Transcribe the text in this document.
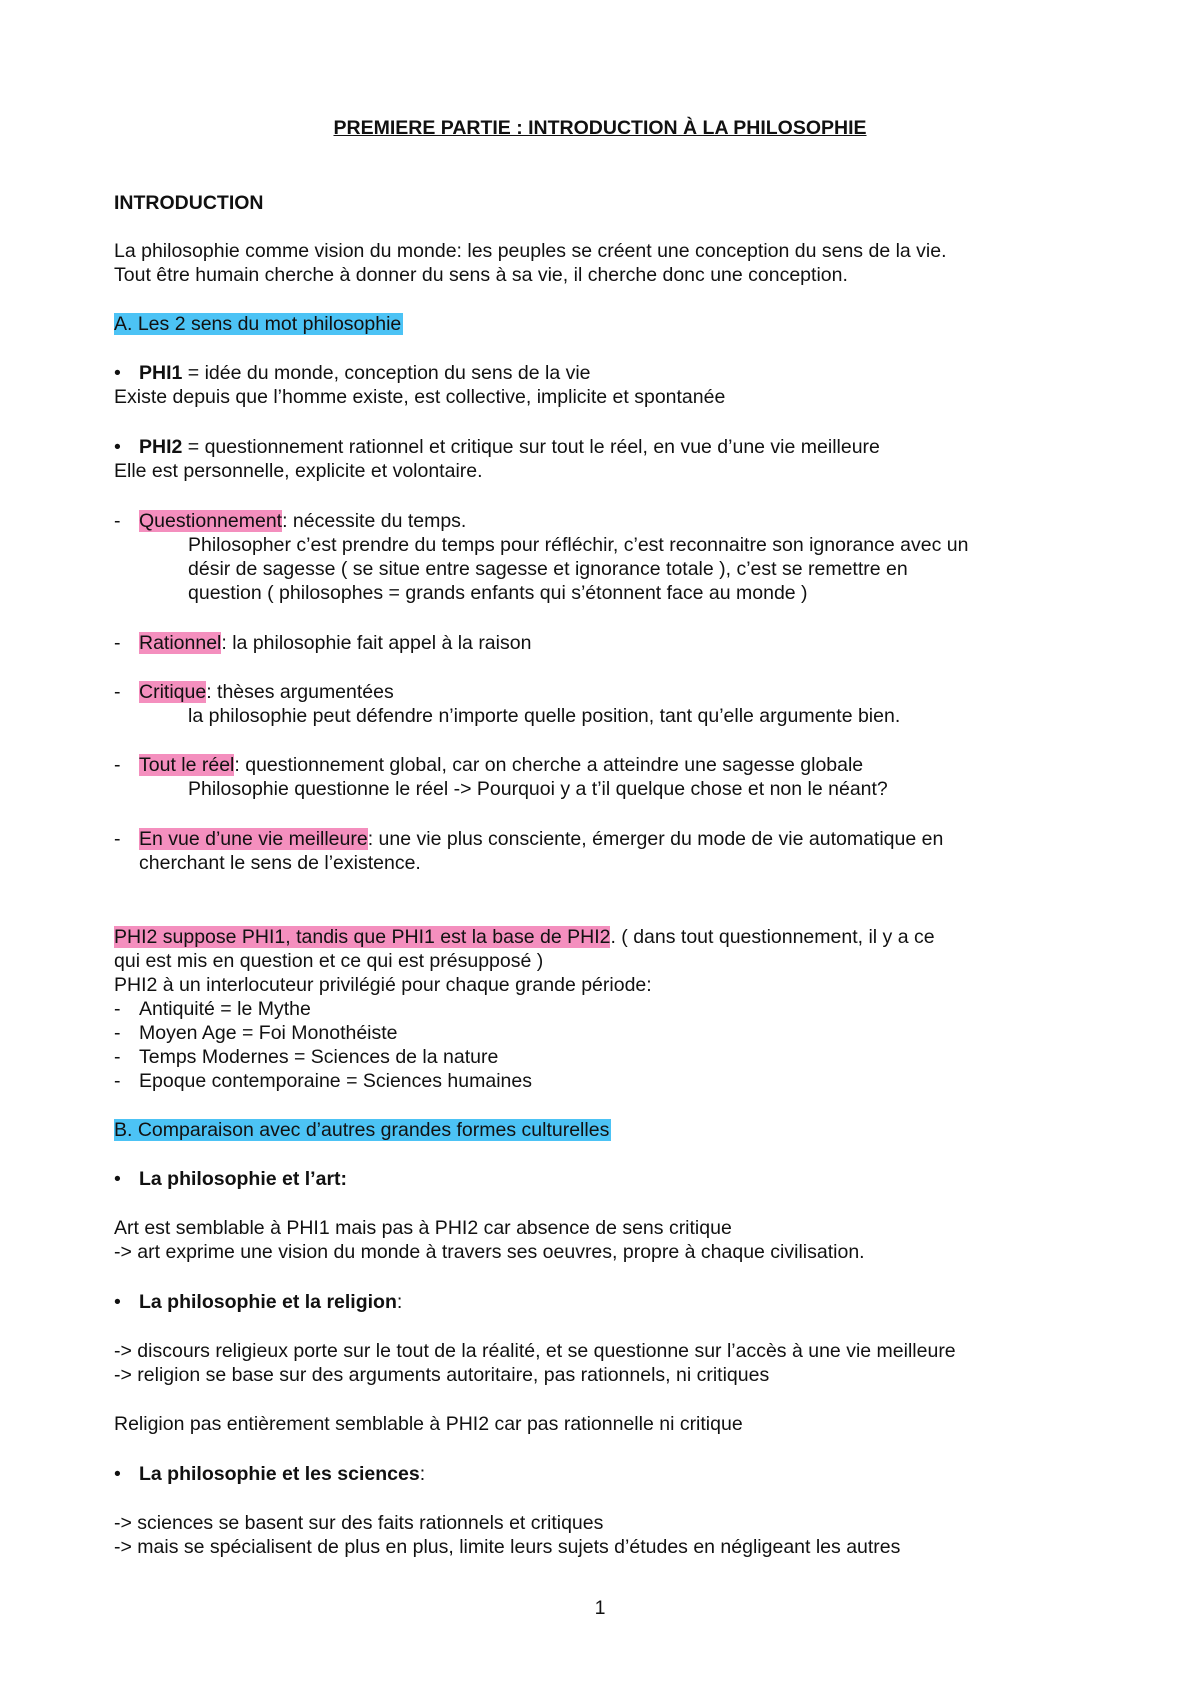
PREMIERE PARTIE : INTRODUCTION À LA PHILOSOPHIE
INTRODUCTION
La philosophie comme vision du monde: les peuples se créent une conception du sens de la vie.
Tout être humain cherche à donner du sens à sa vie, il cherche donc une conception.
A. Les 2 sens du mot philosophie
• PHI1 = idée du monde, conception du sens de la vie
Existe depuis que l’homme existe, est collective, implicite et spontanée
• PHI2 = questionnement rationnel et critique sur tout le réel, en vue d’une vie meilleure
Elle est personnelle, explicite et volontaire.
- Questionnement: nécessite du temps.
Philosopher c’est prendre du temps pour réfléchir, c’est reconnaitre son ignorance avec un
désir de sagesse ( se situe entre sagesse et ignorance totale ), c’est se remettre en
question ( philosophes = grands enfants qui s’étonnent face au monde )
- Rationnel: la philosophie fait appel à la raison
- Critique: thèses argumentées
la philosophie peut défendre n’importe quelle position, tant qu’elle argumente bien.
- Tout le réel: questionnement global, car on cherche a atteindre une sagesse globale
Philosophie questionne le réel -> Pourquoi y a t’il quelque chose et non le néant?
- En vue d’une vie meilleure: une vie plus consciente, émerger du mode de vie automatique en
cherchant le sens de l’existence.
PHI2 suppose PHI1, tandis que PHI1 est la base de PHI2. ( dans tout questionnement, il y a ce
qui est mis en question et ce qui est présupposé )
PHI2 à un interlocuteur privilégié pour chaque grande période:
- Antiquité = le Mythe
- Moyen Age = Foi Monothéiste
- Temps Modernes = Sciences de la nature
- Epoque contemporaine = Sciences humaines
B. Comparaison avec d’autres grandes formes culturelles
• La philosophie et l’art:
Art est semblable à PHI1 mais pas à PHI2 car absence de sens critique
-> art exprime une vision du monde à travers ses oeuvres, propre à chaque civilisation.
• La philosophie et la religion:
-> discours religieux porte sur le tout de la réalité, et se questionne sur l’accès à une vie meilleure
-> religion se base sur des arguments autoritaire, pas rationnels, ni critiques
Religion pas entièrement semblable à PHI2 car pas rationnelle ni critique
• La philosophie et les sciences:
-> sciences se basent sur des faits rationnels et critiques
-> mais se spécialisent de plus en plus, limite leurs sujets d’études en négligeant les autres
1
